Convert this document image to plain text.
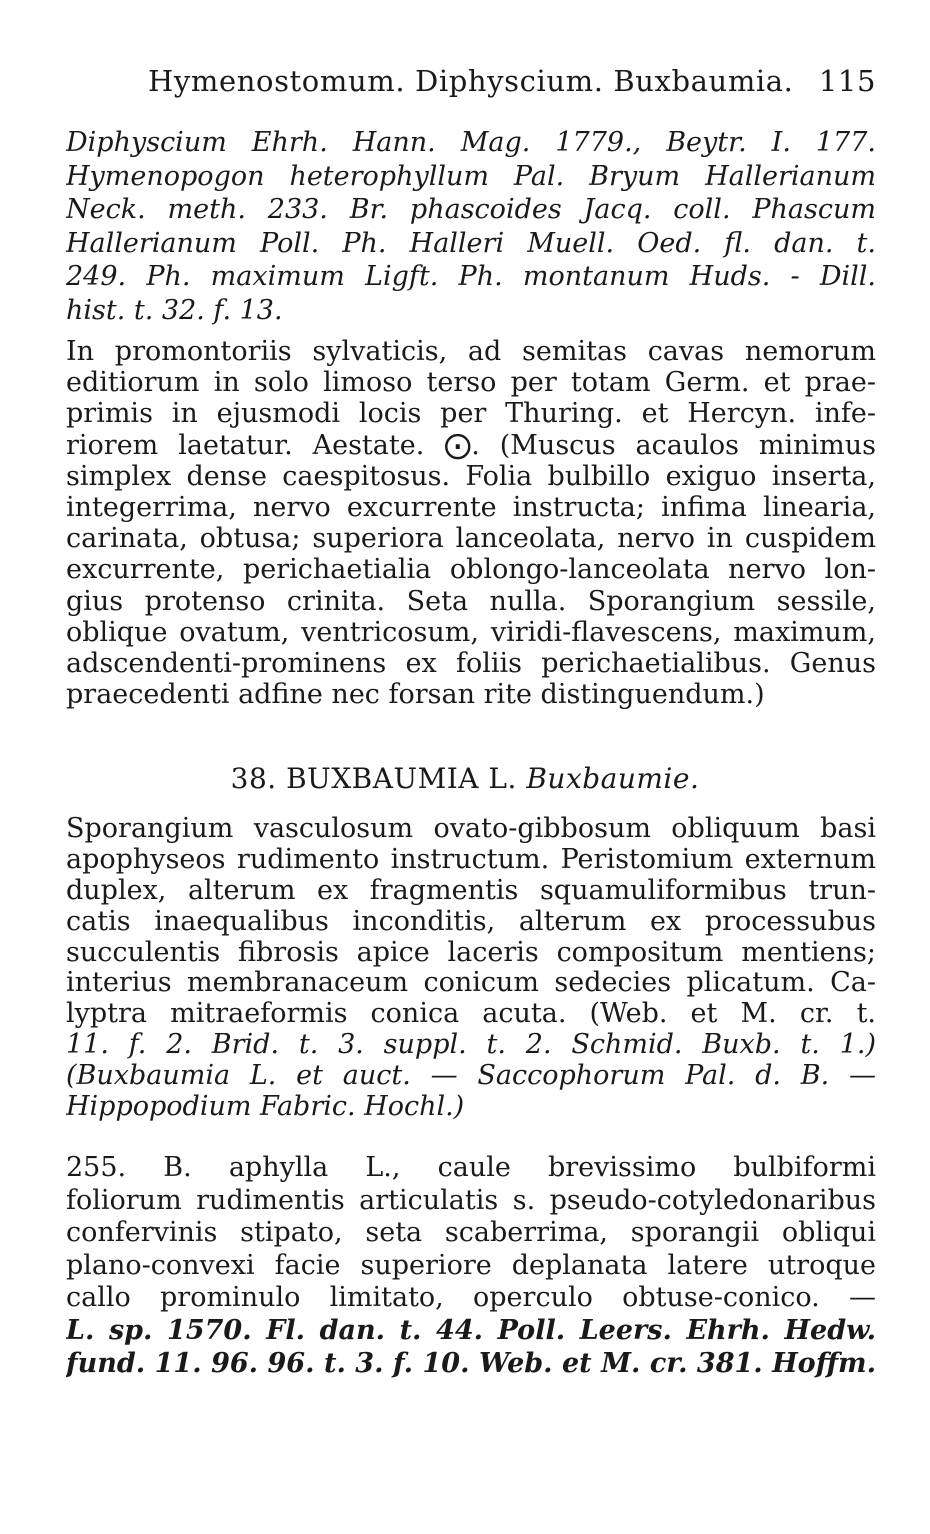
Hymenostomum. Diphyscium. Buxbaumia. 115
Diphyscium Ehrh. Hann. Mag. 1779., Beytr. I. 177.
Hymenopogon heterophyllum Pal. Bryum Hallerianum
Neck. meth. 233. Br. phascoides Jacq. coll. Phascum
Hallerianum Poll. Ph. Halleri Muell. Oed. fl. dan. t.
249. Ph. maximum Ligft. Ph. montanum Huds. - Dill.
hist. t. 32. f. 13.
In promontoriis sylvaticis, ad semitas cavas nemorum
editiorum in solo limoso terso per totam Germ. et prae-
primis in ejusmodi locis per Thuring. et Hercyn. infe-
riorem laetatur. Aestate. ⨀. (Muscus acaulos minimus
simplex dense caespitosus. Folia bulbillo exiguo inserta,
integerrima, nervo excurrente instructa; infima linearia,
carinata, obtusa; superiora lanceolata, nervo in cuspidem
excurrente, perichaetialia oblongo-lanceolata nervo lon-
gius protenso crinita. Seta nulla. Sporangium sessile,
oblique ovatum, ventricosum, viridi-flavescens, maximum,
adscendenti-prominens ex foliis perichaetialibus. Genus
praecedenti adfine nec forsan rite distinguendum.)
38. BUXBAUMIA L. Buxbaumie.
Sporangium vasculosum ovato-gibbosum obliquum basi
apophyseos rudimento instructum. Peristomium externum
duplex, alterum ex fragmentis squamuliformibus trun-
catis inaequalibus inconditis, alterum ex processubus
succulentis fibrosis apice laceris compositum mentiens;
interius membranaceum conicum sedecies plicatum. Ca-
lyptra mitraeformis conica acuta. (Web. et M. cr. t.
11. f. 2. Brid. t. 3. suppl. t. 2. Schmid. Buxb. t. 1.)
(Buxbaumia L. et auct. — Saccophorum Pal. d. B. —
Hippopodium Fabric. Hochl.)
255. B. aphylla L., caule brevissimo bulbiformi
foliorum rudimentis articulatis s. pseudo-cotyledonaribus
confervinis stipato, seta scaberrima, sporangii obliqui
plano-convexi facie superiore deplanata latere utroque
callo prominulo limitato, operculo obtuse-conico. —
L. sp. 1570. Fl. dan. t. 44. Poll. Leers. Ehrh. Hedw.
fund. 11. 96. 96. t. 3. f. 10. Web. et M. cr. 381. Hoffm.
